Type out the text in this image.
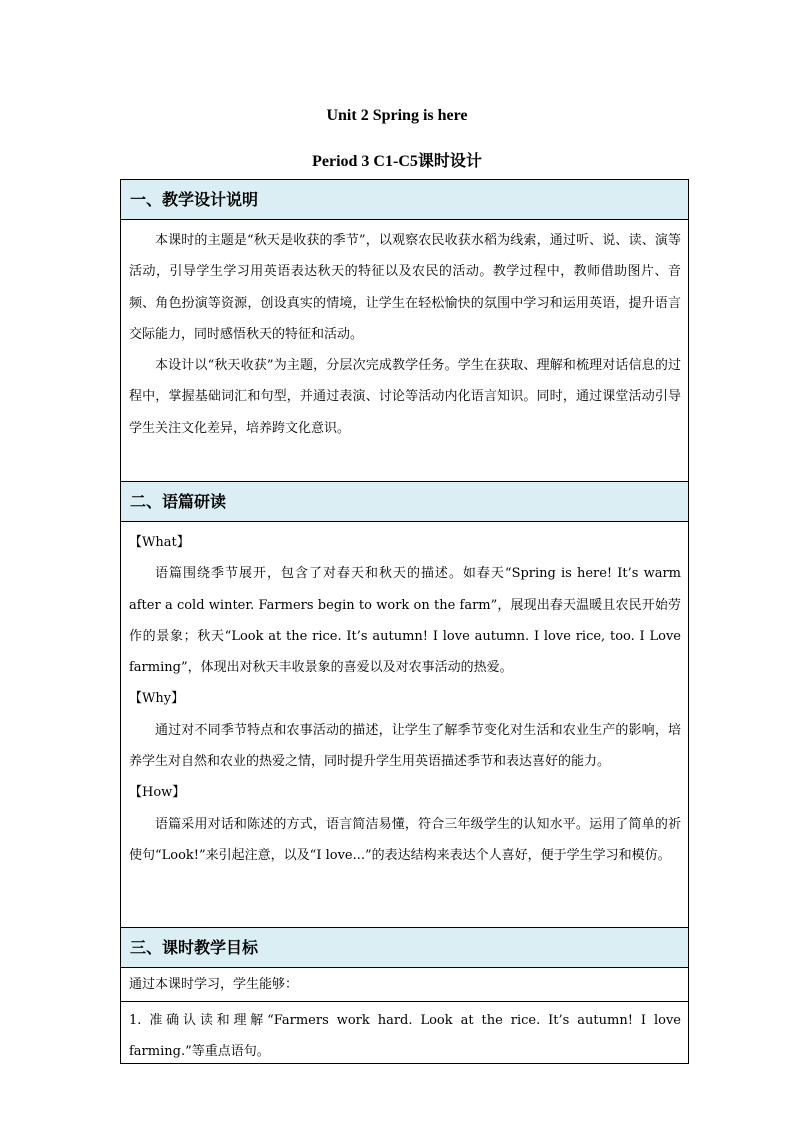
Unit 2 Spring is here
Period 3 C1-C5课时设计
一、教学设计说明

本课时的主题是“秋天是收获的季节”，以观察农民收获水稻为线索，通过听、说、读、演等活动，引导学生学习用英语表达秋天的特征以及农民的活动。教学过程中，教师借助图片、音频、角色扮演等资源，创设真实的情境，让学生在轻松愉快的氛围中学习和运用英语，提升语言交际能力，同时感悟秋天的特征和活动。

本设计以“秋天收获”为主题，分层次完成教学任务。学生在获取、理解和梳理对话信息的过程中，掌握基础词汇和句型，并通过表演、讨论等活动内化语言知识。同时，通过课堂活动引导学生关注文化差异，培养跨文化意识。

二、语篇研读

【What】

语篇围绕季节展开，包含了对春天和秋天的描述。如春天“Spring is here! It’s warm after a cold winter. Farmers begin to work on the farm”，展现出春天温暖且农民开始劳作的景象；秋天“Look at the rice. It’s autumn! I love autumn. I love rice, too. I Love farming”，体现出对秋天丰收景象的喜爱以及对农事活动的热爱。

【Why】

通过对不同季节特点和农事活动的描述，让学生了解季节变化对生活和农业生产的影响，培养学生对自然和农业的热爱之情，同时提升学生用英语描述季节和表达喜好的能力。

【How】

语篇采用对话和陈述的方式，语言简洁易懂，符合三年级学生的认知水平。运用了简单的祈使句“Look!”来引起注意，以及“I love...”的表达结构来表达个人喜好，便于学生学习和模仿。

三、课时教学目标

通过本课时学习，学生能够：

1. 准确认读和理解“Farmers work hard. Look at the rice. It’s autumn! I love farming.”等重点语句。
